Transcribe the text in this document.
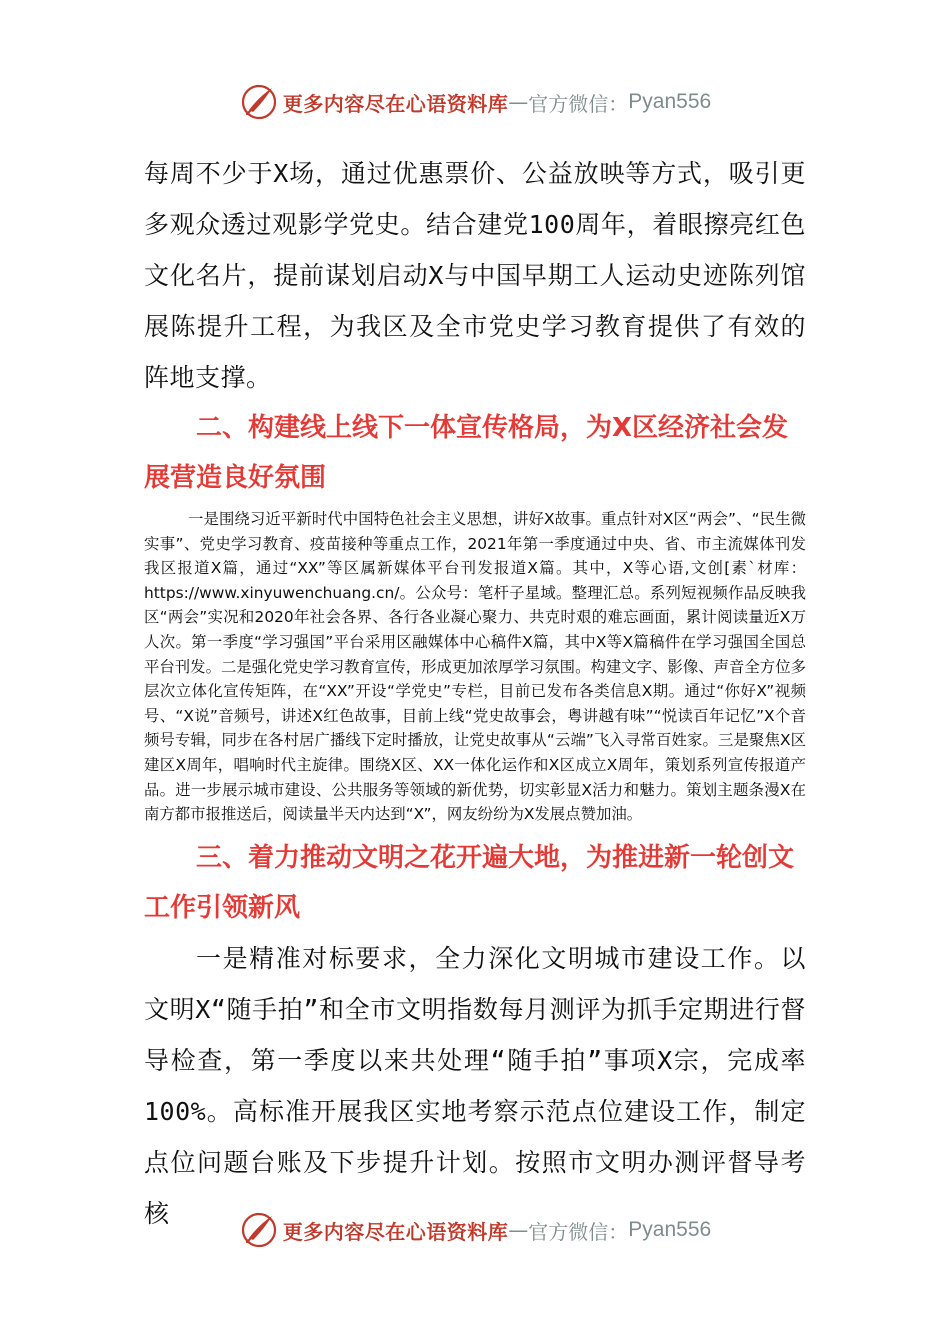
更多内容尽在心语资料库 — 官方微信： Pyan556

每周不少于X场，通过优惠票价、公益放映等方式，吸引更多观众透过观影学党史。结合建党100周年，着眼擦亮红色文化名片，提前谋划启动X与中国早期工人运动史迹陈列馆展陈提升工程，为我区及全市党史学习教育提供了有效的阵地支撑。

二、构建线上线下一体宣传格局，为X区经济社会发展营造良好氛围

一是围绕习近平新时代中国特色社会主义思想，讲好X故事。重点针对X区“两会”、“民生微实事”、党史学习教育、疫苗接种等重点工作，2021年第一季度通过中央、省、市主流媒体刊发我区报道X篇，通过“XX”等区属新媒体平台刊发报道X篇。其中，X等心语,文创[素`材库：https://www.xinyuwenchuang.cn/。公众号：笔杆子星域。整理汇总。系列短视频作品反映我区“两会”实况和2020年社会各界、各行各业凝心聚力、共克时艰的难忘画面，累计阅读量近X万人次。第一季度“学习强国”平台采用区融媒体中心稿件X篇，其中X等X篇稿件在学习强国全国总平台刊发。二是强化党史学习教育宣传，形成更加浓厚学习氛围。构建文字、影像、声音全方位多层次立体化宣传矩阵，在“XX”开设“学党史”专栏，目前已发布各类信息X期。通过“你好X”视频号、“X说”音频号，讲述X红色故事，目前上线“党史故事会，粤讲越有味”“悦读百年记忆”X个音频号专辑，同步在各村居广播线下定时播放，让党史故事从“云端”飞入寻常百姓家。三是聚焦X区建区X周年，唱响时代主旋律。围绕X区、XX一体化运作和X区成立X周年，策划系列宣传报道产品。进一步展示城市建设、公共服务等领域的新优势，切实彰显X活力和魅力。策划主题条漫X在南方都市报推送后，阅读量半天内达到“X”，网友纷纷为X发展点赞加油。

三、着力推动文明之花开遍大地，为推进新一轮创文工作引领新风

一是精准对标要求，全力深化文明城市建设工作。以文明X“随手拍”和全市文明指数每月测评为抓手定期进行督导检查，第一季度以来共处理“随手拍”事项X宗，完成率100%。高标准开展我区实地考察示范点位建设工作，制定点位问题台账及下步提升计划。按照市文明办测评督导考核

更多内容尽在心语资料库 — 官方微信： Pyan556
